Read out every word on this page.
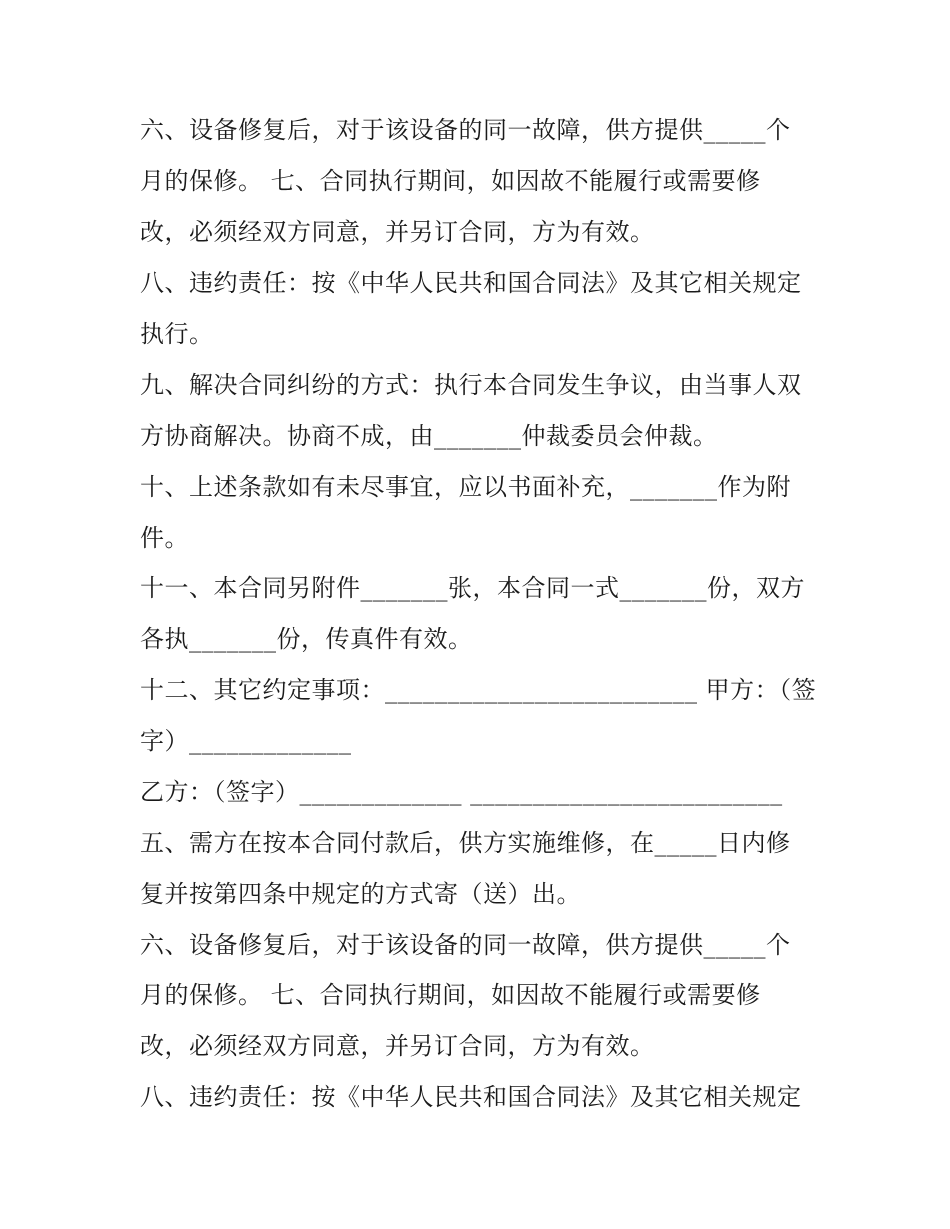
六、设备修复后，对于该设备的同一故障，供方提供_____个

月的保修。 七、合同执行期间，如因故不能履行或需要修

改，必须经双方同意，并另订合同，方为有效。

八、违约责任：按《中华人民共和国合同法》及其它相关规定

执行。

九、解决合同纠纷的方式：执行本合同发生争议，由当事人双

方协商解决。协商不成，由_______仲裁委员会仲裁。

十、上述条款如有未尽事宜，应以书面补充，_______作为附

件。

十一、本合同另附件_______张，本合同一式_______份，双方

各执_______份，传真件有效。

十二、其它约定事项：_________________________ 甲方：（签

字）_____________

乙方：（签字）_____________ _________________________

五、需方在按本合同付款后，供方实施维修，在_____日内修

复并按第四条中规定的方式寄（送）出。

六、设备修复后，对于该设备的同一故障，供方提供_____个

月的保修。 七、合同执行期间，如因故不能履行或需要修

改，必须经双方同意，并另订合同，方为有效。

八、违约责任：按《中华人民共和国合同法》及其它相关规定
